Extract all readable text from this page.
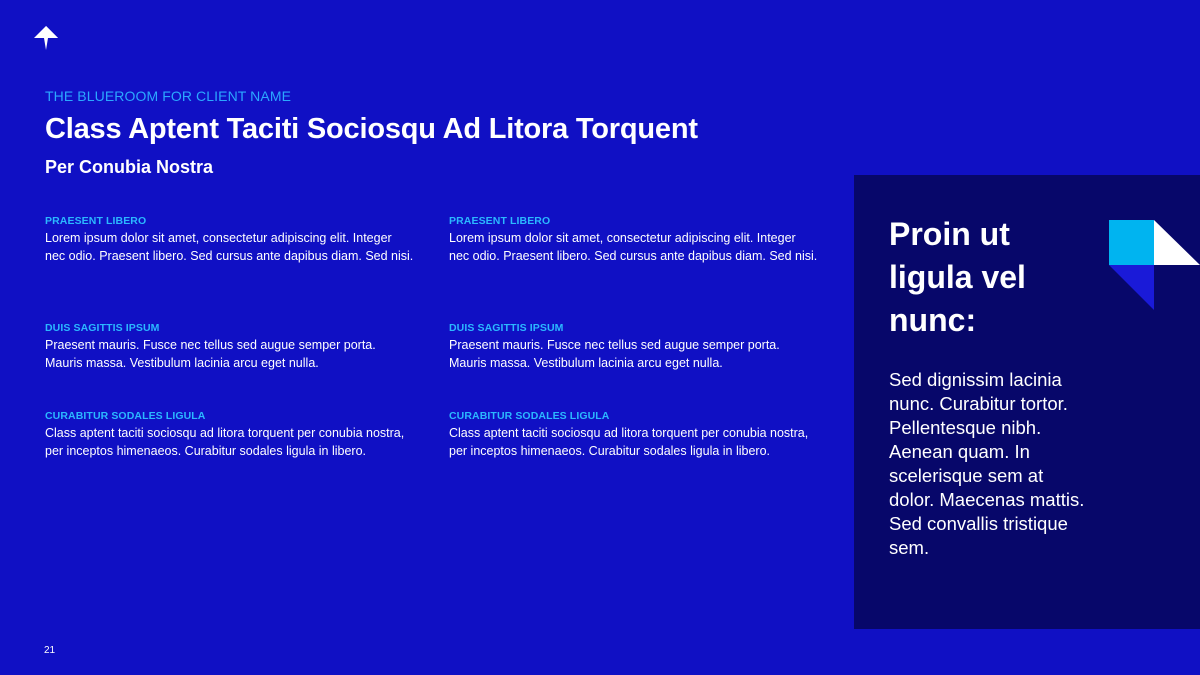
THE BLUEROOM FOR CLIENT NAME

Class Aptent Taciti Sociosqu Ad Litora Torquent
Per Conubia Nostra
PRAESENT LIBERO

Lorem ipsum dolor sit amet, consectetur adipiscing elit. Integer nec odio. Praesent libero. Sed cursus ante dapibus diam. Sed nisi.

DUIS SAGITTIS IPSUM

Praesent mauris. Fusce nec tellus sed augue semper porta. Mauris massa. Vestibulum lacinia arcu eget nulla.

CURABITUR SODALES LIGULA

Class aptent taciti sociosqu ad litora torquent per conubia nostra, per inceptos himenaeos. Curabitur sodales ligula in libero.

PRAESENT LIBERO

Lorem ipsum dolor sit amet, consectetur adipiscing elit. Integer nec odio. Praesent libero. Sed cursus ante dapibus diam. Sed nisi.

DUIS SAGITTIS IPSUM

Praesent mauris. Fusce nec tellus sed augue semper porta. Mauris massa. Vestibulum lacinia arcu eget nulla.

CURABITUR SODALES LIGULA

Class aptent taciti sociosqu ad litora torquent per conubia nostra, per inceptos himenaeos. Curabitur sodales ligula in libero.

Proin ut ligula vel nunc:

Sed dignissim lacinia nunc. Curabitur tortor. Pellentesque nibh. Aenean quam. In scelerisque sem at dolor. Maecenas mattis. Sed convallis tristique sem.

21
